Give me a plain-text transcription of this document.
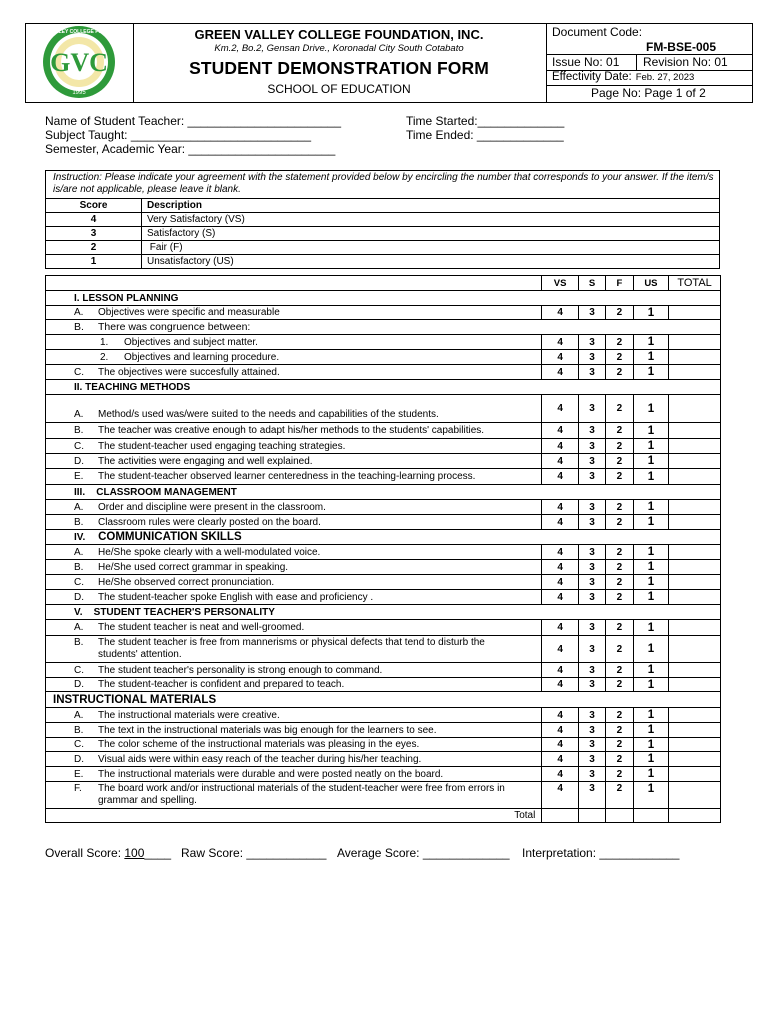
GVC
1995
GREEN VALLEY COLLEGE FOUNDATION	GREEN VALLEY COLLEGE FOUNDATION, INC.
Km.2, Bo.2, Gensan Drive., Koronadal City South Cotabato
STUDENT DEMONSTRATION FORM
SCHOOL OF EDUCATION
Document Code:
FM-BSE-005
Issue No: 01	Revision No: 01
Effectivity Date: Feb. 27, 2023
Page No: Page 1 of 2
Name of Student Teacher: _______________________
Subject Taught: ___________________________
Semester, Academic Year: ______________________
Time Started:_____________
Time Ended: _____________
Instruction: Please indicate your agreement with the statement provided below by encircling the number that corresponds to your answer. If the item/s is/are not applicable, please leave it blank.
Score	Description
4	Very Satisfactory (VS)
3	Satisfactory (S)
2	Fair (F)
1	Unsatisfactory (US)
	VS	S	F	US	TOTAL
I. LESSON PLANNING					

A. Objectives were specific and measurable	4	3	2	1	

B. There was congruence between:					

1. Objectives and subject matter.	4	3	2	1	

2. Objectives and learning procedure.	4	3	2	1	

C. The objectives were succesfully attained.	4	3	2	1	
II. TEACHING METHODS					

A. Method/s used was/were suited to the needs and capabilities of the students.	4	3	2	1	

B. The teacher was creative enough to adapt his/her methods to the students' capabilities.	4	3	2	1	

C. The student-teacher used engaging teaching strategies.	4	3	2	1	

D. The activities were engaging and well explained.	4	3	2	1	

E. The student-teacher observed learner centeredness in the teaching-learning process.	4	3	2	1	
III. CLASSROOM MANAGEMENT					

A. Order and discipline were present in the classroom.	4	3	2	1	

B. Classroom rules were clearly posted on the board.	4	3	2	1	
IV. COMMUNICATION SKILLS					

A. He/She spoke clearly with a well-modulated voice.	4	3	2	1	

B. He/She used correct grammar in speaking.	4	3	2	1	

C. He/She observed correct pronunciation.	4	3	2	1	

D. The student-teacher spoke English with ease and proficiency .	4	3	2	1	
V. STUDENT TEACHER'S PERSONALITY					

A. The student teacher is neat and well-groomed.	4	3	2	1	

B. The student teacher is free from mannerisms or physical defects that tend to disturb the students' attention.	4	3	2	1	

C. The student teacher's personality is strong enough to command.	4	3	2	1	

D. The student-teacher is confident and prepared to teach.	4	3	2	1	
INSTRUCTIONAL MATERIALS					

A. The instructional materials were creative.	4	3	2	1	

B. The text in the instructional materials was big enough for the learners to see.	4	3	2	1	

C. The color scheme of the instructional materials was pleasing in the eyes.	4	3	2	1	

D. Visual aids were within easy reach of the teacher during his/her teaching.	4	3	2	1	

E. The instructional materials were durable and were posted neatly on the board.	4	3	2	1	

F. The board work and/or instructional materials of the student-teacher were free from errors in grammar and spelling.	4	3	2	1	
Total					
Overall Score: 100____ Raw Score: ____________ Average Score: _____________ Interpretation: ____________
